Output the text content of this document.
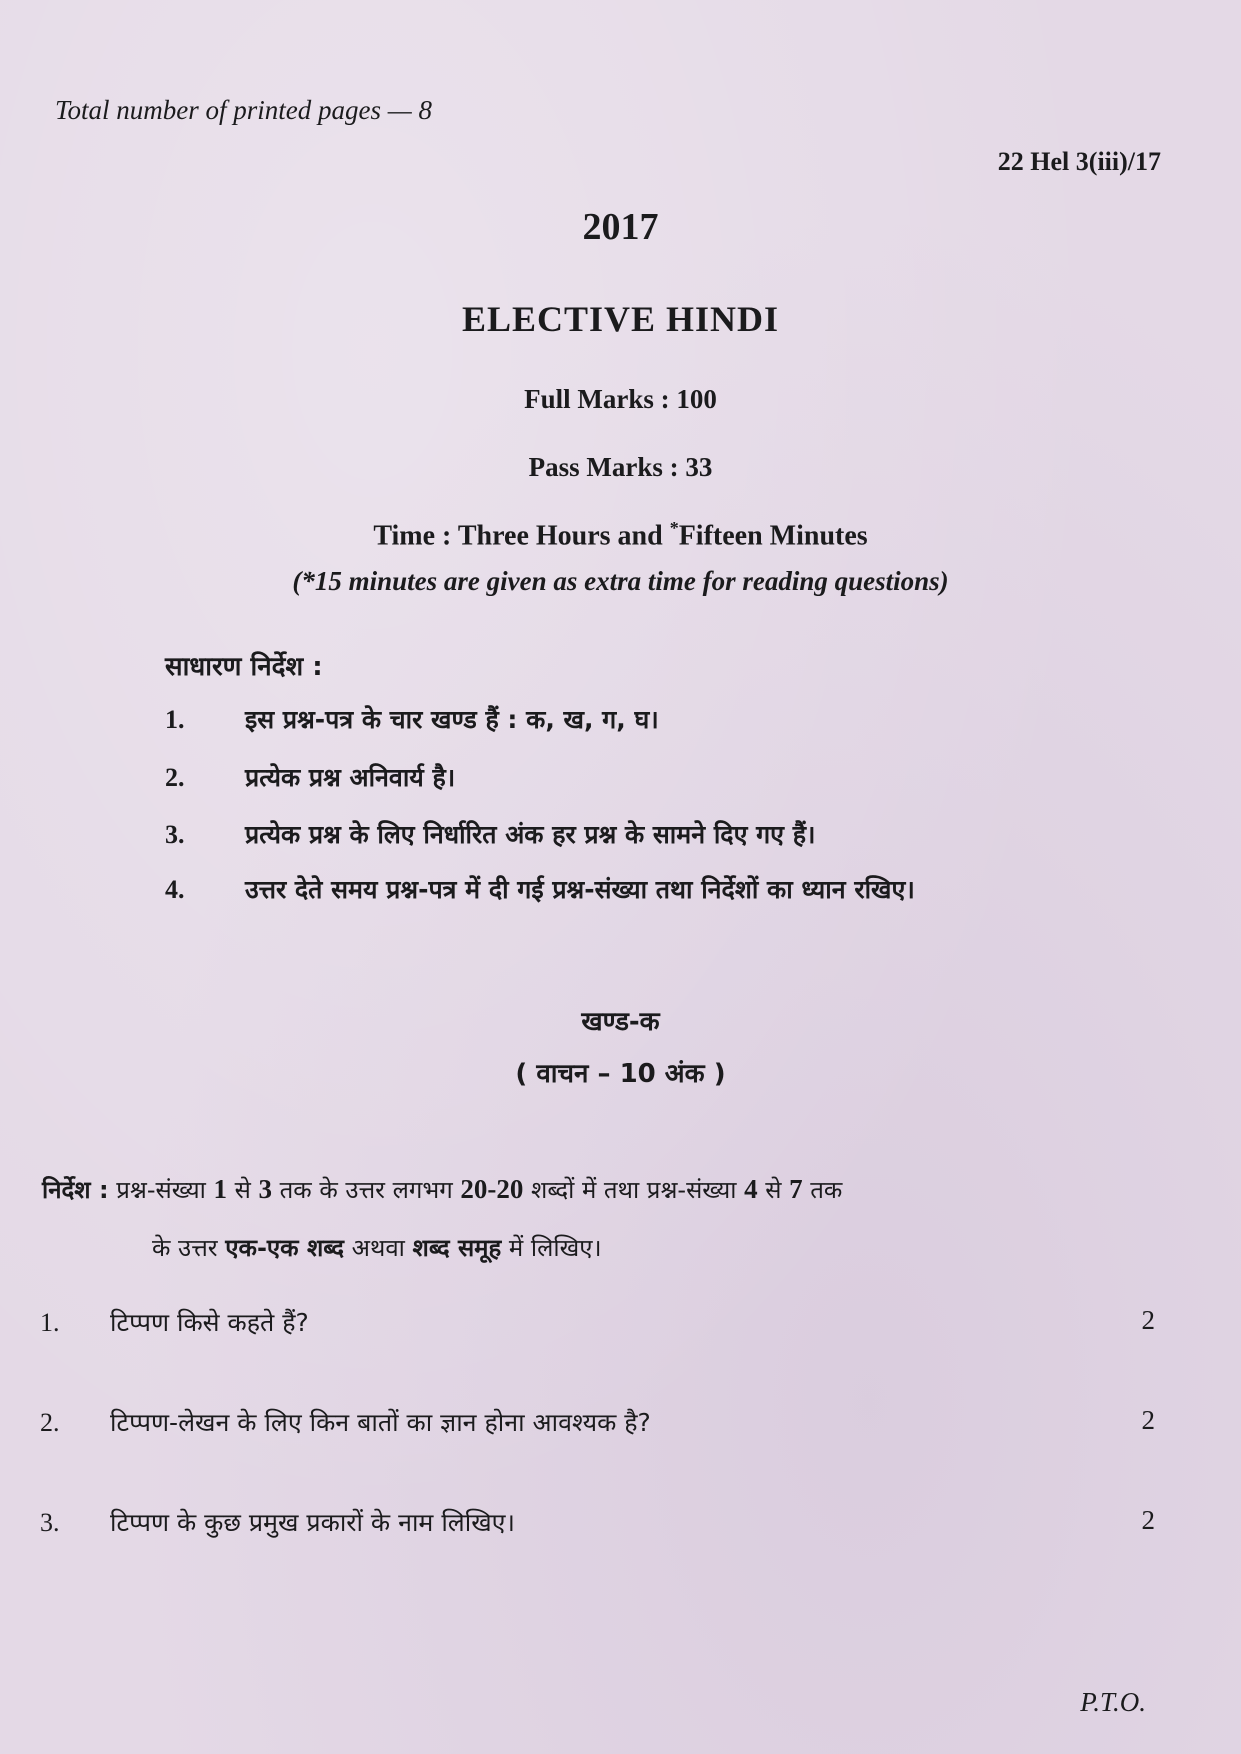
Total number of printed pages — 8
22 Hel 3(iii)/17
2017
ELECTIVE HINDI
Full Marks : 100
Pass Marks : 33
Time : Three Hours and *Fifteen Minutes
(*15 minutes are given as extra time for reading questions)
साधारण निर्देश :
1. इस प्रश्न-पत्र के चार खण्ड हैं : क, ख, ग, घ।
2. प्रत्येक प्रश्न अनिवार्य है।
3. प्रत्येक प्रश्न के लिए निर्धारित अंक हर प्रश्न के सामने दिए गए हैं।
4. उत्तर देते समय प्रश्न-पत्र में दी गई प्रश्न-संख्या तथा निर्देशों का ध्यान रखिए।
खण्ड-क
( वाचन – 10 अंक )
निर्देश : प्रश्न-संख्या 1 से 3 तक के उत्तर लगभग 20-20 शब्दों में तथा प्रश्न-संख्या 4 से 7 तक
के उत्तर एक-एक शब्द अथवा शब्द समूह में लिखिए।
1. टिप्पण किसे कहते हैं?	2
2. टिप्पण-लेखन के लिए किन बातों का ज्ञान होना आवश्यक है?	2
3. टिप्पण के कुछ प्रमुख प्रकारों के नाम लिखिए।	2
P.T.O.
